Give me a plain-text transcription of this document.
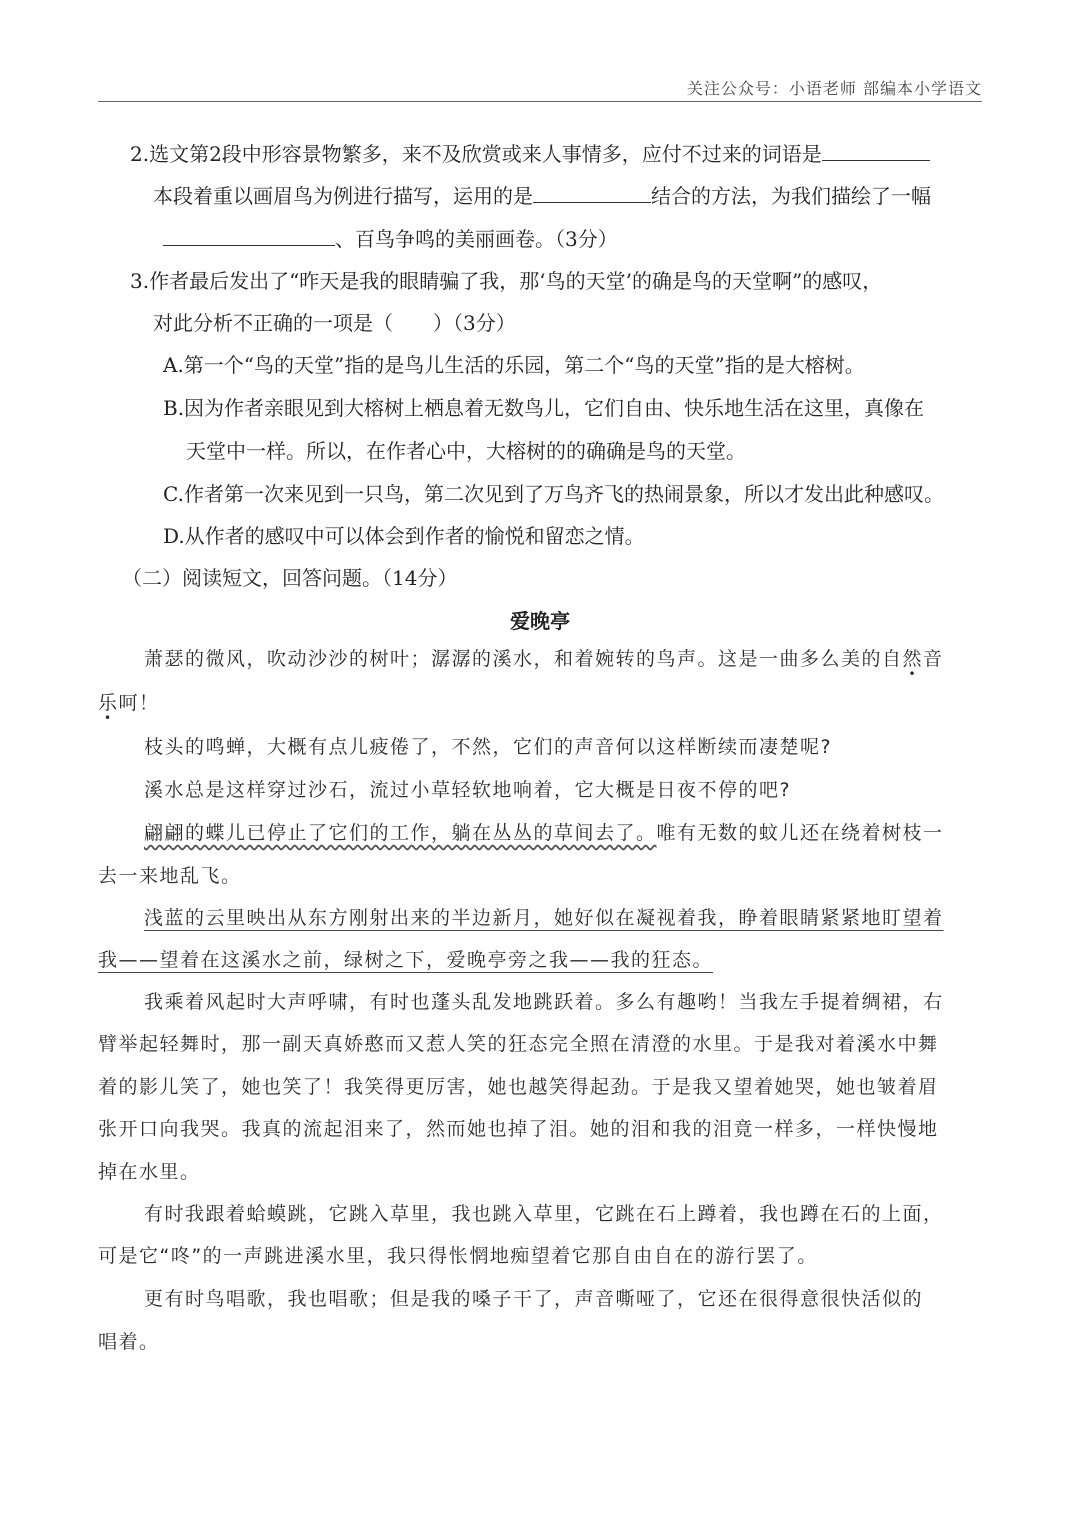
关注公众号：小语老师 部编本小学语文
2.选文第2段中形容景物繁多，来不及欣赏或来人事情多，应付不过来的词语是
本段着重以画眉鸟为例进行描写，运用的是	结合的方法，为我们描绘了一幅
、百鸟争鸣的美丽画卷。（3分）
3.作者最后发出了“昨天是我的眼睛骗了我，那‘鸟的天堂’的确是鸟的天堂啊”的感叹，
对此分析不正确的一项是（　　）（3分）
A.第一个“鸟的天堂”指的是鸟儿生活的乐园，第二个“鸟的天堂”指的是大榕树。
B.因为作者亲眼见到大榕树上栖息着无数鸟儿，它们自由、快乐地生活在这里，真像在
天堂中一样。所以，在作者心中，大榕树的的确确是鸟的天堂。
C.作者第一次来见到一只鸟，第二次见到了万鸟齐飞的热闹景象，所以才发出此种感叹。
D.从作者的感叹中可以体会到作者的愉悦和留恋之情。
（二）阅读短文，回答问题。（14分）
爱晚亭
萧瑟的微风，吹动沙沙的树叶；潺潺的溪水，和着婉转的鸟声。这是一曲多么美的自然音
乐呵！
枝头的鸣蝉，大概有点儿疲倦了，不然，它们的声音何以这样断续而凄楚呢?
溪水总是这样穿过沙石，流过小草轻软地响着，它大概是日夜不停的吧?
翩翩的蝶儿已停止了它们的工作，躺在丛丛的草间去了。唯有无数的蚊儿还在绕着树枝一
去一来地乱飞。
浅蓝的云里映出从东方刚射出来的半边新月，她好似在凝视着我，睁着眼睛紧紧地盯望着
我——望着在这溪水之前，绿树之下，爱晚亭旁之我——我的狂态。
我乘着风起时大声呼啸，有时也蓬头乱发地跳跃着。多么有趣哟！当我左手提着绸裙，右
臂举起轻舞时，那一副天真娇憨而又惹人笑的狂态完全照在清澄的水里。于是我对着溪水中舞
着的影儿笑了，她也笑了！我笑得更厉害，她也越笑得起劲。于是我又望着她哭，她也皱着眉
张开口向我哭。我真的流起泪来了，然而她也掉了泪。她的泪和我的泪竟一样多，一样快慢地
掉在水里。
有时我跟着蛤蟆跳，它跳入草里，我也跳入草里，它跳在石上蹲着，我也蹲在石的上面，
可是它“咚”的一声跳进溪水里，我只得怅惘地痴望着它那自由自在的游行罢了。
更有时鸟唱歌，我也唱歌；但是我的嗓子干了，声音嘶哑了，它还在很得意很快活似的
唱着。
